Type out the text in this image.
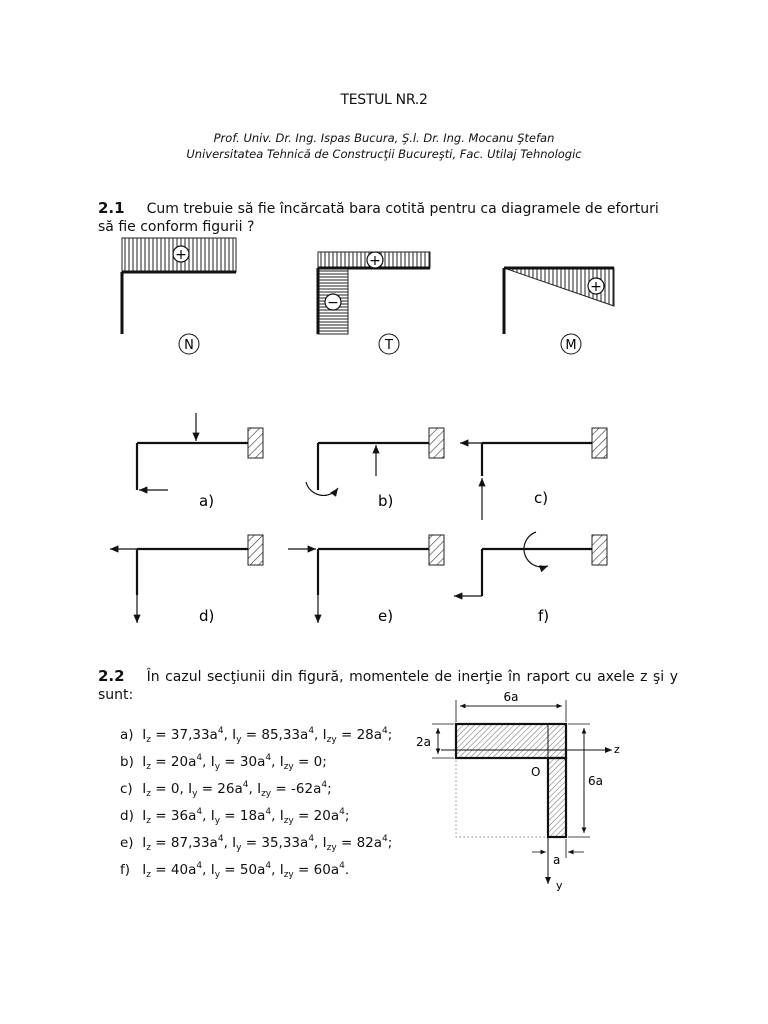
TESTUL NR.2
Prof. Univ. Dr. Ing. Ispas Bucura, Ş.l. Dr. Ing. Mocanu Ştefan
Universitatea Tehnică de Construcţii Bucureşti, Fac. Utilaj Tehnologic
2.1 Cum trebuie să fie încărcată bara cotită pentru ca diagramele de eforturi să fie conform figurii ?
+
N
+
−
T
+
M
a)	b)	c)
d)	e)	f)
z
y
O
6a
2a
6a
a
2.2 În cazul secţiunii din figură, momentele de inerţie în raport cu axele z şi y
sunt:
a) $I_z = 37,33a^4$, $I_y = 85,33a^4$, $I_{zy} = 28a^4$;
b) $I_z = 20a^4$, $I_y = 30a^4$, $I_{zy} = 0$;
c) $I_z = 0$, $I_y = 26a^4$, $I_{zy} = -62a^4$;
d) $I_z = 36a^4$, $I_y = 18a^4$, $I_{zy} = 20a^4$;
e) $I_z = 87,33a^4$, $I_y = 35,33a^4$, $I_{zy} = 82a^4$;
f) $I_z = 40a^4$, $I_y = 50a^4$, $I_{zy} = 60a^4$.
